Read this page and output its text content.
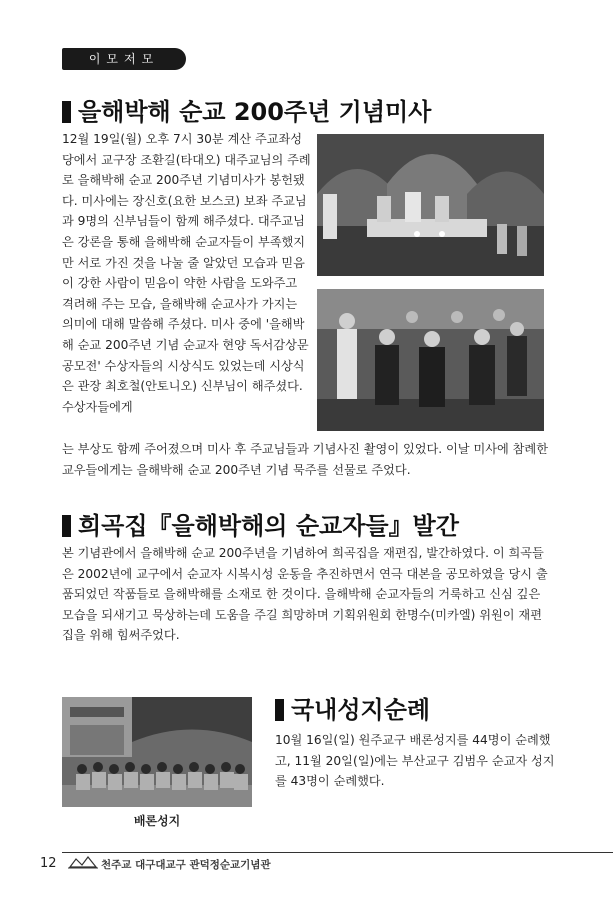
이모저모
을해박해 순교 200주년 기념미사

12월 19일(월) 오후 7시 30분 계산 주교좌성당에서 교구장 조환길(타대오) 대주교님의 주례로 을해박해 순교 200주년 기념미사가 봉헌됐다. 미사에는 장신호(요한 보스코) 보좌 주교님과 9명의 신부님들이 함께 해주셨다. 대주교님은 강론을 통해 을해박해 순교자들이 부족했지만 서로 가진 것을 나눌 줄 알았던 모습과 믿음이 강한 사람이 믿음이 약한 사람을 도와주고 격려해 주는 모습, 을해박해 순교사가 가지는 의미에 대해 말씀해 주셨다. 미사 중에 '을해박해 순교 200주년 기념 순교자 현양 독서감상문 공모전' 수상자들의 시상식도 있었는데 시상식은 관장 최호철(안토니오) 신부님이 해주셨다. 수상자들에게

는 부상도 함께 주어졌으며 미사 후 주교님들과 기념사진 촬영이 있었다. 이날 미사에 참례한 교우들에게는 을해박해 순교 200주년 기념 묵주를 선물로 주었다.

희곡집『을해박해의 순교자들』발간

본 기념관에서 을해박해 순교 200주년을 기념하여 희곡집을 재편집, 발간하였다. 이 희곡들은 2002년에 교구에서 순교자 시복시성 운동을 추진하면서 연극 대본을 공모하였을 당시 출품되었던 작품들로 을해박해를 소재로 한 것이다. 을해박해 순교자들의 거룩하고 신심 깊은 모습을 되새기고 묵상하는데 도움을 주길 희망하며 기획위원회 한명수(미카엘) 위원이 재편집을 위해 힘써주었다.

배론성지
국내성지순례

10월 16일(일) 원주교구 배론성지를 44명이 순례했고, 11월 20일(일)에는 부산교구 김범우 순교자 성지를 43명이 순례했다.

12	천주교 대구대교구 관덕정순교기념관
